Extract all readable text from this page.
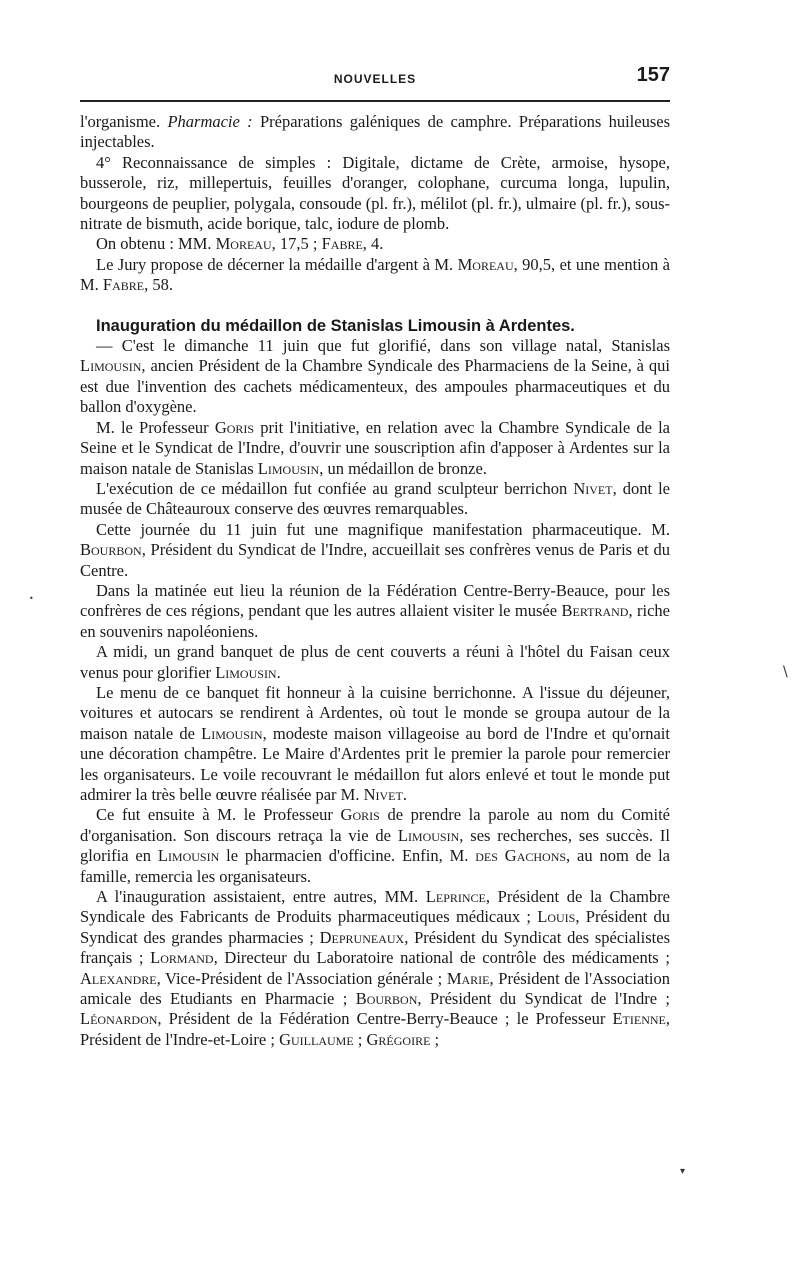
NOUVELLES	157

l'organisme. Pharmacie : Préparations galéniques de camphre. Préparations huileuses injectables.

4° Reconnaissance de simples : Digitale, dictame de Crète, armoise, hysope, busserole, riz, millepertuis, feuilles d'oranger, colophane, curcuma longa, lupulin, bourgeons de peuplier, polygala, consoude (pl. fr.), mélilot (pl. fr.), ulmaire (pl. fr.), sous-nitrate de bismuth, acide borique, talc, iodure de plomb.

On obtenu : MM. Moreau, 17,5 ; Fabre, 4.

Le Jury propose de décerner la médaille d'argent à M. Moreau, 90,5, et une mention à M. Fabre, 58.

Inauguration du médaillon de Stanislas Limousin à Ardentes.

— C'est le dimanche 11 juin que fut glorifié, dans son village natal, Stanislas Limousin, ancien Président de la Chambre Syndicale des Pharmaciens de la Seine, à qui est due l'invention des cachets médicamenteux, des ampoules pharmaceutiques et du ballon d'oxygène.

M. le Professeur Goris prit l'initiative, en relation avec la Chambre Syndicale de la Seine et le Syndicat de l'Indre, d'ouvrir une souscription afin d'apposer à Ardentes sur la maison natale de Stanislas Limousin, un médaillon de bronze.

L'exécution de ce médaillon fut confiée au grand sculpteur berrichon Nivet, dont le musée de Châteauroux conserve des œuvres remarquables.

Cette journée du 11 juin fut une magnifique manifestation pharmaceutique. M. Bourbon, Président du Syndicat de l'Indre, accueillait ses confrères venus de Paris et du Centre.

Dans la matinée eut lieu la réunion de la Fédération Centre-Berry-Beauce, pour les confrères de ces régions, pendant que les autres allaient visiter le musée Bertrand, riche en souvenirs napoléoniens.

A midi, un grand banquet de plus de cent couverts a réuni à l'hôtel du Faisan ceux venus pour glorifier Limousin.

Le menu de ce banquet fit honneur à la cuisine berrichonne. A l'issue du déjeuner, voitures et autocars se rendirent à Ardentes, où tout le monde se groupa autour de la maison natale de Limousin, modeste maison villageoise au bord de l'Indre et qu'ornait une décoration champêtre. Le Maire d'Ardentes prit le premier la parole pour remercier les organisateurs. Le voile recouvrant le médaillon fut alors enlevé et tout le monde put admirer la très belle œuvre réalisée par M. Nivet.

Ce fut ensuite à M. le Professeur Goris de prendre la parole au nom du Comité d'organisation. Son discours retraça la vie de Limousin, ses recherches, ses succès. Il glorifia en Limousin le pharmacien d'officine. Enfin, M. des Gachons, au nom de la famille, remercia les organisateurs.

A l'inauguration assistaient, entre autres, MM. Leprince, Président de la Chambre Syndicale des Fabricants de Produits pharmaceutiques médicaux ; Louis, Président du Syndicat des grandes pharmacies ; Depruneaux, Président du Syndicat des spécialistes français ; Lormand, Directeur du Laboratoire national de contrôle des médicaments ; Alexandre, Vice-Président de l'Association générale ; Marie, Président de l'Association amicale des Etudiants en Pharmacie ; Bourbon, Président du Syndicat de l'Indre ; Léonardon, Président de la Fédération Centre-Berry-Beauce ; le Professeur Etienne, Président de l'Indre-et-Loire ; Guillaume ; Grégoire ;

\
•
▾
